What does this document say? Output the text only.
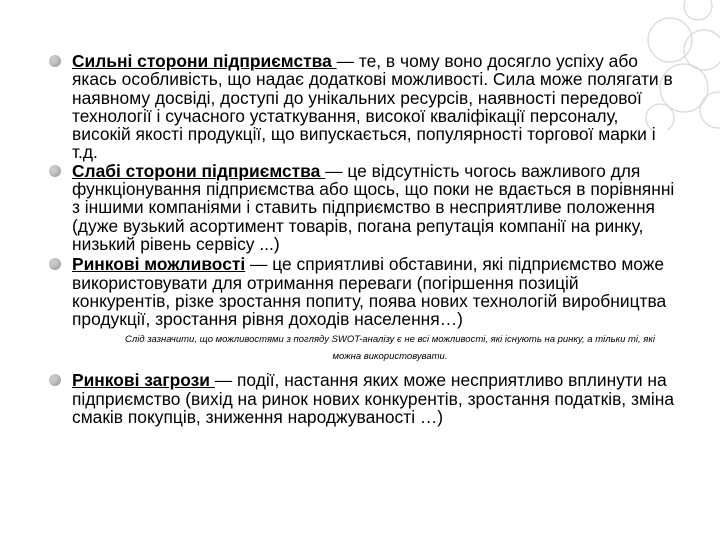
Сильні сторони підприємства — те, в чому воно досягло успіху або якась особливість, що надає додаткові можливості. Сила може полягати в наявному досвіді, доступі до унікальних ресурсів, наявності передової технології і сучасного устаткування, високої кваліфікації персоналу, високій якості продукції, що випускається, популярності торгової марки і т.д.
Слабі сторони підприємства — це відсутність чогось важливого для функціонування підприємства або щось, що поки не вдається в порівнянні з іншими компаніями і ставить підприємство в несприятливе положення (дуже вузький асортимент товарів, погана репутація компанії на ринку, низький рівень сервісу ...)
Ринкові можливості — це сприятливі обставини, які підприємство може використовувати для отримання переваги (погіршення позицій конкурентів, різке зростання попиту, поява нових технологій виробництва продукції, зростання рівня доходів населення…)
Слід зазначити, що можливостями з погляду SWOT-аналізу є не всі можливості, які існують на ринку, а тільки ті, які можна використовувати.
Ринкові загрози — події, настання яких може несприятливо вплинути на підприємство (вихід на ринок нових конкурентів, зростання податків, зміна смаків покупців, зниження народжуваності …)
